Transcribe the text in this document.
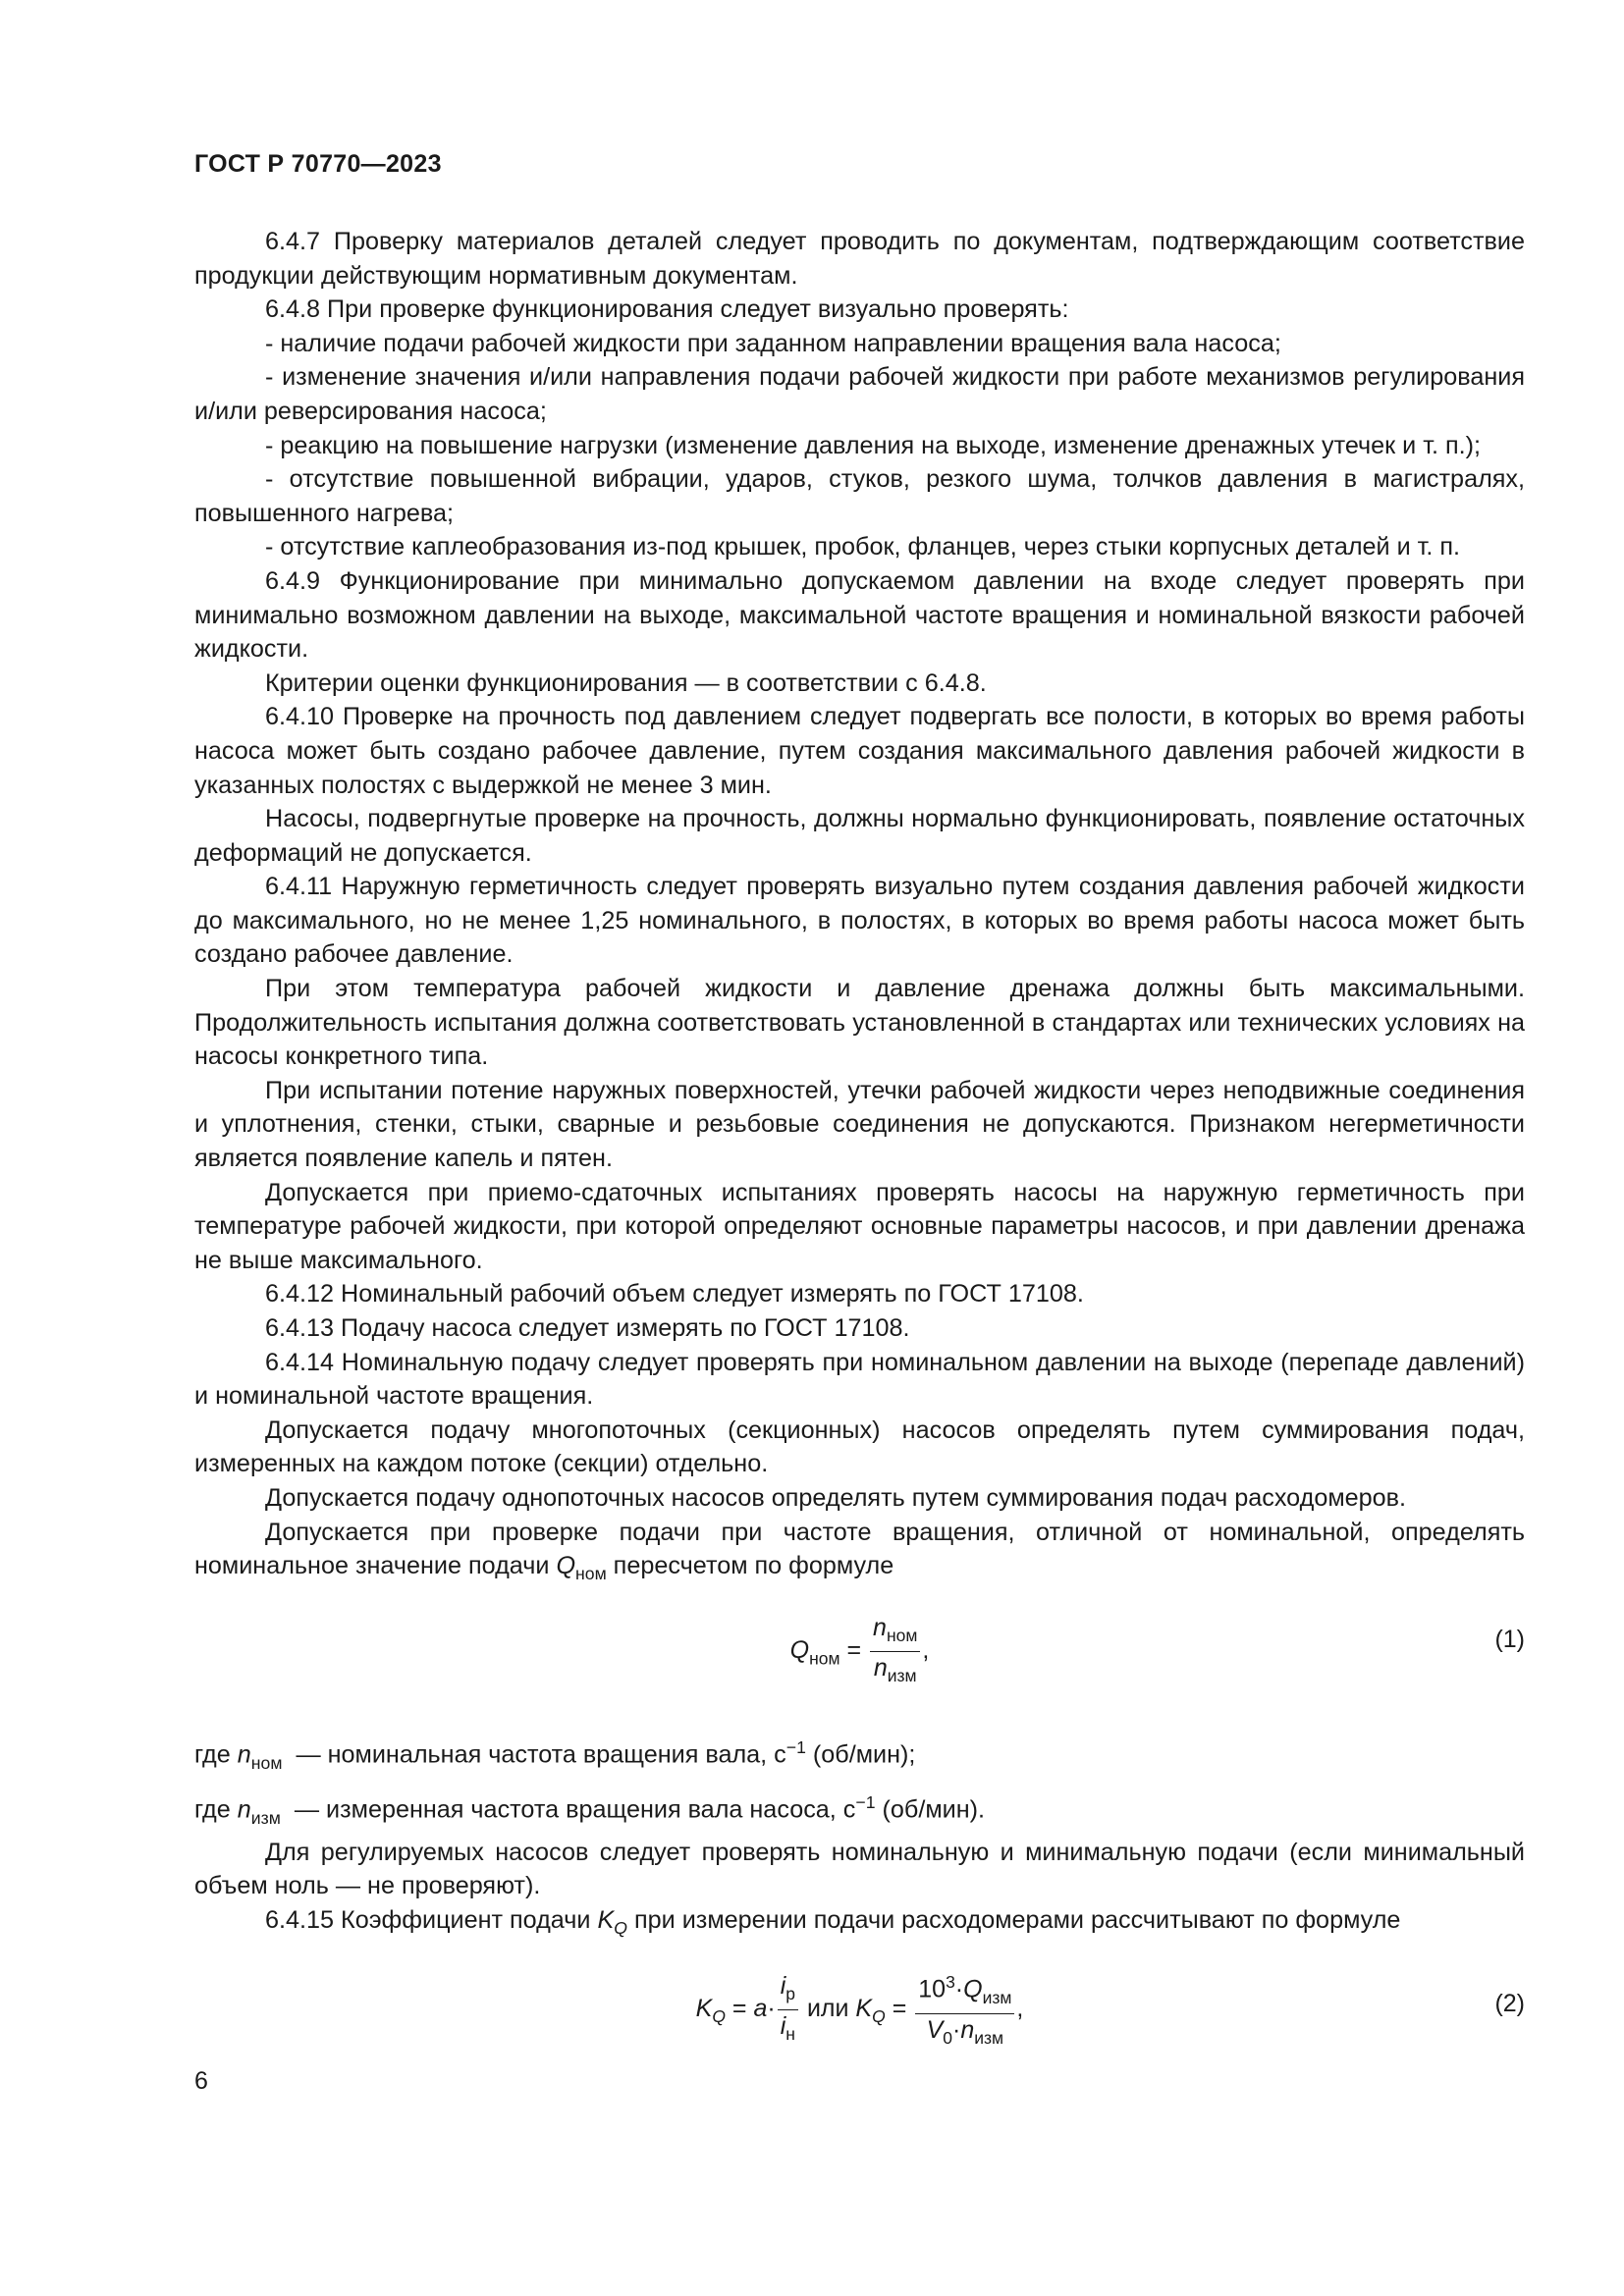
ГОСТ Р 70770—2023

6.4.7 Проверку материалов деталей следует проводить по документам, подтверждающим соответствие продукции действующим нормативным документам.

6.4.8 При проверке функционирования следует визуально проверять:

- наличие подачи рабочей жидкости при заданном направлении вращения вала насоса;

- изменение значения и/или направления подачи рабочей жидкости при работе механизмов регулирования и/или реверсирования насоса;

- реакцию на повышение нагрузки (изменение давления на выходе, изменение дренажных утечек и т. п.);

- отсутствие повышенной вибрации, ударов, стуков, резкого шума, толчков давления в магистралях, повышенного нагрева;

- отсутствие каплеобразования из-под крышек, пробок, фланцев, через стыки корпусных деталей и т. п.

6.4.9 Функционирование при минимально допускаемом давлении на входе следует проверять при минимально возможном давлении на выходе, максимальной частоте вращения и номинальной вязкости рабочей жидкости.

Критерии оценки функционирования — в соответствии с 6.4.8.

6.4.10 Проверке на прочность под давлением следует подвергать все полости, в которых во время работы насоса может быть создано рабочее давление, путем создания максимального давления рабочей жидкости в указанных полостях с выдержкой не менее 3 мин.

Насосы, подвергнутые проверке на прочность, должны нормально функционировать, появление остаточных деформаций не допускается.

6.4.11 Наружную герметичность следует проверять визуально путем создания давления рабочей жидкости до максимального, но не менее 1,25 номинального, в полостях, в которых во время работы насоса может быть создано рабочее давление.

При этом температура рабочей жидкости и давление дренажа должны быть максимальными. Продолжительность испытания должна соответствовать установленной в стандартах или технических условиях на насосы конкретного типа.

При испытании потение наружных поверхностей, утечки рабочей жидкости через неподвижные соединения и уплотнения, стенки, стыки, сварные и резьбовые соединения не допускаются. Признаком негерметичности является появление капель и пятен.

Допускается при приемо-сдаточных испытаниях проверять насосы на наружную герметичность при температуре рабочей жидкости, при которой определяют основные параметры насосов, и при давлении дренажа не выше максимального.

6.4.12 Номинальный рабочий объем следует измерять по ГОСТ 17108.

6.4.13 Подачу насоса следует измерять по ГОСТ 17108.

6.4.14 Номинальную подачу следует проверять при номинальном давлении на выходе (перепаде давлений) и номинальной частоте вращения.

Допускается подачу многопоточных (секционных) насосов определять путем суммирования подач, измеренных на каждом потоке (секции) отдельно.

Допускается подачу однопоточных насосов определять путем суммирования подач расходомеров.

Допускается при проверке подачи при частоте вращения, отличной от номинальной, определять номинальное значение подачи $Q_{ном}$ пересчетом по формуле

$Q_{ном} = \frac{n_{ном}}{n_{изм}}$ ,	(1)

где $n_{ном}$ — номинальная частота вращения вала, $с^{-1}$ (об/мин);

где $n_{изм}$ — измеренная частота вращения вала насоса, $с^{-1}$ (об/мин).

Для регулируемых насосов следует проверять номинальную и минимальную подачи (если минимальный объем ноль — не проверяют).

6.4.15 Коэффициент подачи $K_Q$ при измерении подачи расходомерами рассчитывают по формуле

$K_Q = a\cdot \frac{i_р}{i_н}$ или $K_Q = \frac{10^3\cdot Q_{изм}}{V_0\cdot n_{изм}}$ ,	(2)
6
